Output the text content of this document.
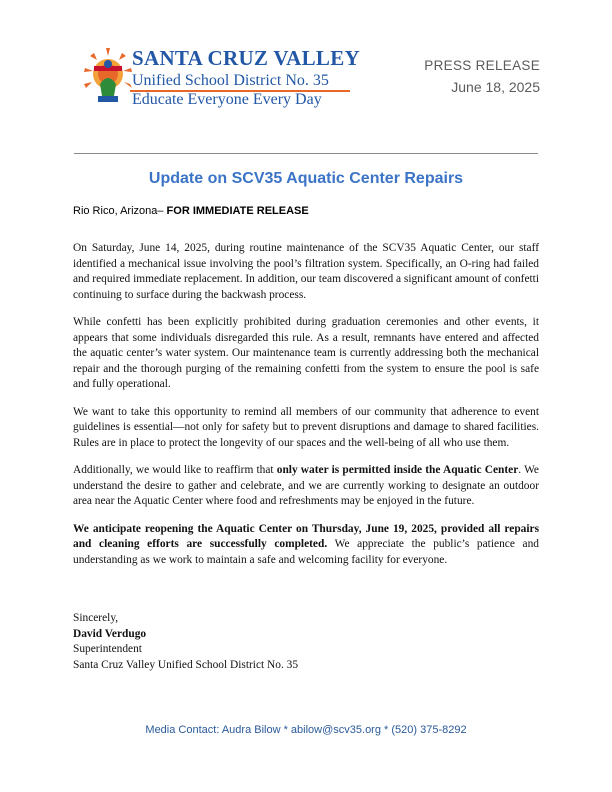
SANTA CRUZ VALLEY
Unified School District No. 35
Educate Everyone Every Day
PRESS RELEASE
June 18, 2025
Update on SCV35 Aquatic Center Repairs
Rio Rico, Arizona– FOR IMMEDIATE RELEASE

On Saturday, June 14, 2025, during routine maintenance of the SCV35 Aquatic Center, our staff identified a mechanical issue involving the pool’s filtration system. Specifically, an O-ring had failed and required immediate replacement. In addition, our team discovered a significant amount of confetti continuing to surface during the backwash process.

While confetti has been explicitly prohibited during graduation ceremonies and other events, it appears that some individuals disregarded this rule. As a result, remnants have entered and affected the aquatic center’s water system. Our maintenance team is currently addressing both the mechanical repair and the thorough purging of the remaining confetti from the system to ensure the pool is safe and fully operational.

We want to take this opportunity to remind all members of our community that adherence to event guidelines is essential—not only for safety but to prevent disruptions and damage to shared facilities. Rules are in place to protect the longevity of our spaces and the well-being of all who use them.

Additionally, we would like to reaffirm that only water is permitted inside the Aquatic Center. We understand the desire to gather and celebrate, and we are currently working to designate an outdoor area near the Aquatic Center where food and refreshments may be enjoyed in the future.

We anticipate reopening the Aquatic Center on Thursday, June 19, 2025, provided all repairs and cleaning efforts are successfully completed. We appreciate the public’s patience and understanding as we work to maintain a safe and welcoming facility for everyone.

Sincerely,
David Verdugo
Superintendent
Santa Cruz Valley Unified School District No. 35
Media Contact: Audra Bilow * abilow@scv35.org * (520) 375-8292
